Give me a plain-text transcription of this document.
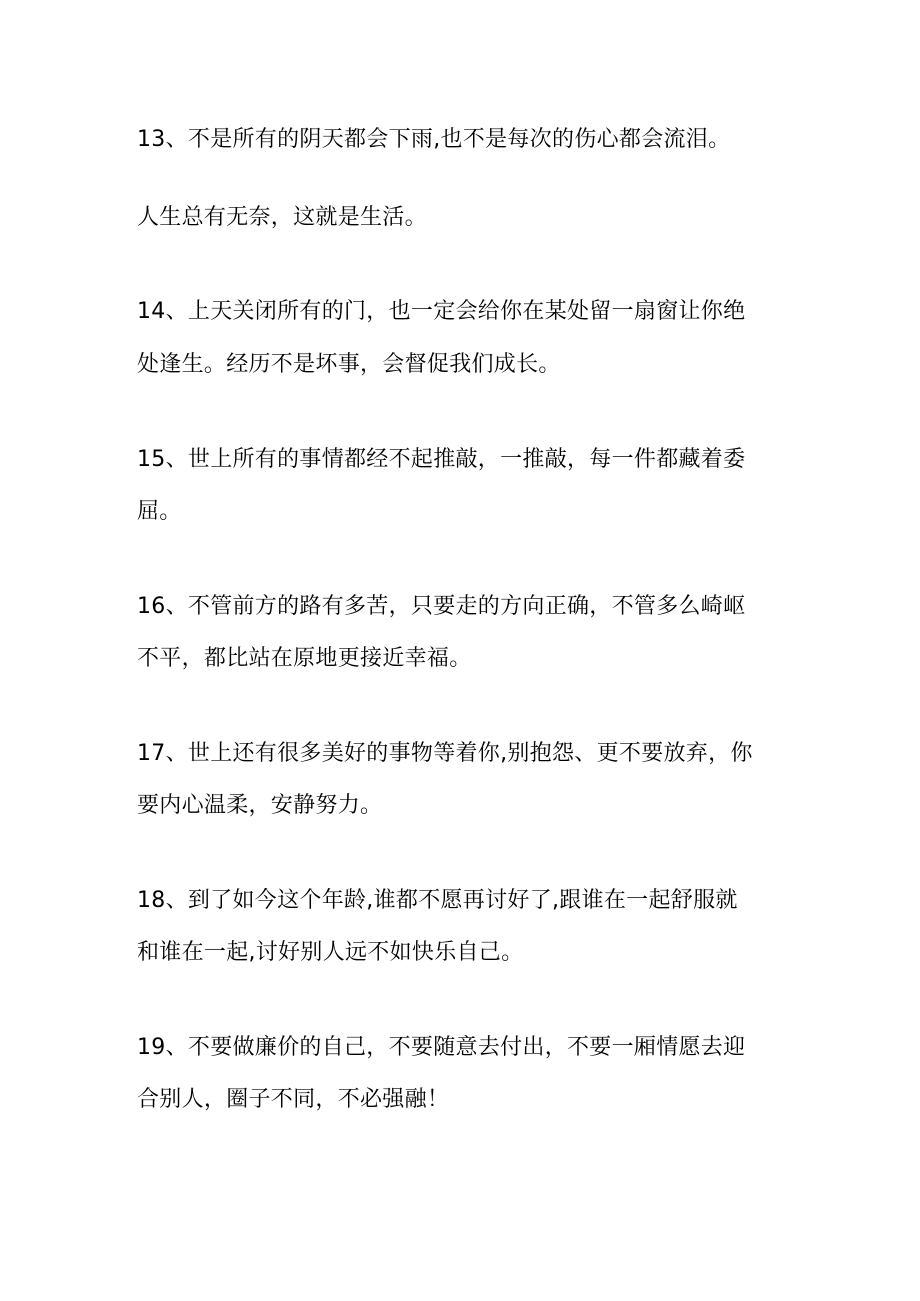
13、不是所有的阴天都会下雨,也不是每次的伤心都会流泪。
人生总有无奈，这就是生活。
14、上天关闭所有的门，也一定会给你在某处留一扇窗让你绝
处逢生。经历不是坏事，会督促我们成长。
15、世上所有的事情都经不起推敲，一推敲，每一件都藏着委
屈。
16、不管前方的路有多苦，只要走的方向正确，不管多么崎岖
不平，都比站在原地更接近幸福。
17、世上还有很多美好的事物等着你,别抱怨、更不要放弃，你
要内心温柔，安静努力。
18、到了如今这个年龄,谁都不愿再讨好了,跟谁在一起舒服就
和谁在一起,讨好别人远不如快乐自己。
19、不要做廉价的自己，不要随意去付出，不要一厢情愿去迎
合别人，圈子不同，不必强融！
